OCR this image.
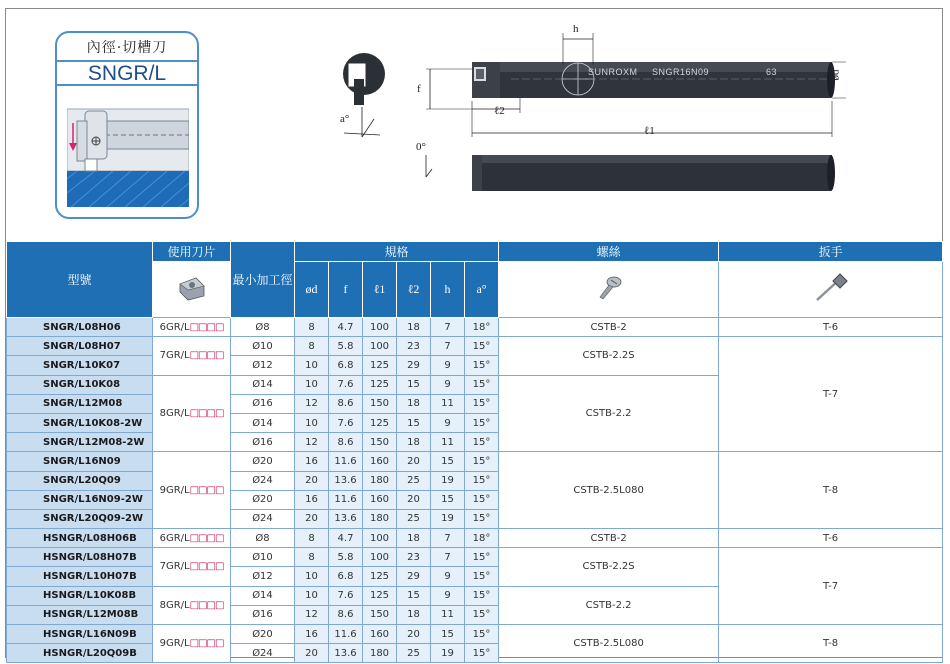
內徑·切槽刀
SNGR/L
h
f
ℓ2
ℓ1
ød
a°
0°
SUNROXM SNGR16N09	63
型號	使用刀片	最小加工徑	規格						螺絲	扳手
	ød	f	ℓ1	ℓ2	h	a°		
SNGR/L08H06	6GR/L□□□□	Ø8	8	4.7	100	18	7	18°	CSTB-2	T-6
SNGR/L08H07	7GR/L□□□□	Ø10	8	5.8	100	23	7	15°	CSTB-2.2S	T-7
SNGR/L10K07		Ø12	10	6.8	125	29	9	15°		
SNGR/L10K08	8GR/L□□□□	Ø14	10	7.6	125	15	9	15°	CSTB-2.2	
SNGR/L12M08		Ø16	12	8.6	150	18	11	15°		
SNGR/L10K08-2W		Ø14	10	7.6	125	15	9	15°		
SNGR/L12M08-2W		Ø16	12	8.6	150	18	11	15°		
SNGR/L16N09	9GR/L□□□□	Ø20	16	11.6	160	20	15	15°	CSTB-2.5L080	T-8
SNGR/L20Q09		Ø24	20	13.6	180	25	19	15°		
SNGR/L16N09-2W		Ø20	16	11.6	160	20	15	15°		
SNGR/L20Q09-2W		Ø24	20	13.6	180	25	19	15°		
HSNGR/L08H06B	6GR/L□□□□	Ø8	8	4.7	100	18	7	18°	CSTB-2	T-6
HSNGR/L08H07B	7GR/L□□□□	Ø10	8	5.8	100	23	7	15°	CSTB-2.2S	T-7
HSNGR/L10H07B		Ø12	10	6.8	125	29	9	15°		
HSNGR/L10K08B	8GR/L□□□□	Ø14	10	7.6	125	15	9	15°	CSTB-2.2	
HSNGR/L12M08B		Ø16	12	8.6	150	18	11	15°		
HSNGR/L16N09B	9GR/L□□□□	Ø20	16	11.6	160	20	15	15°	CSTB-2.5L080	T-8
HSNGR/L20Q09B		Ø24	20	13.6	180	25	19	15°		
